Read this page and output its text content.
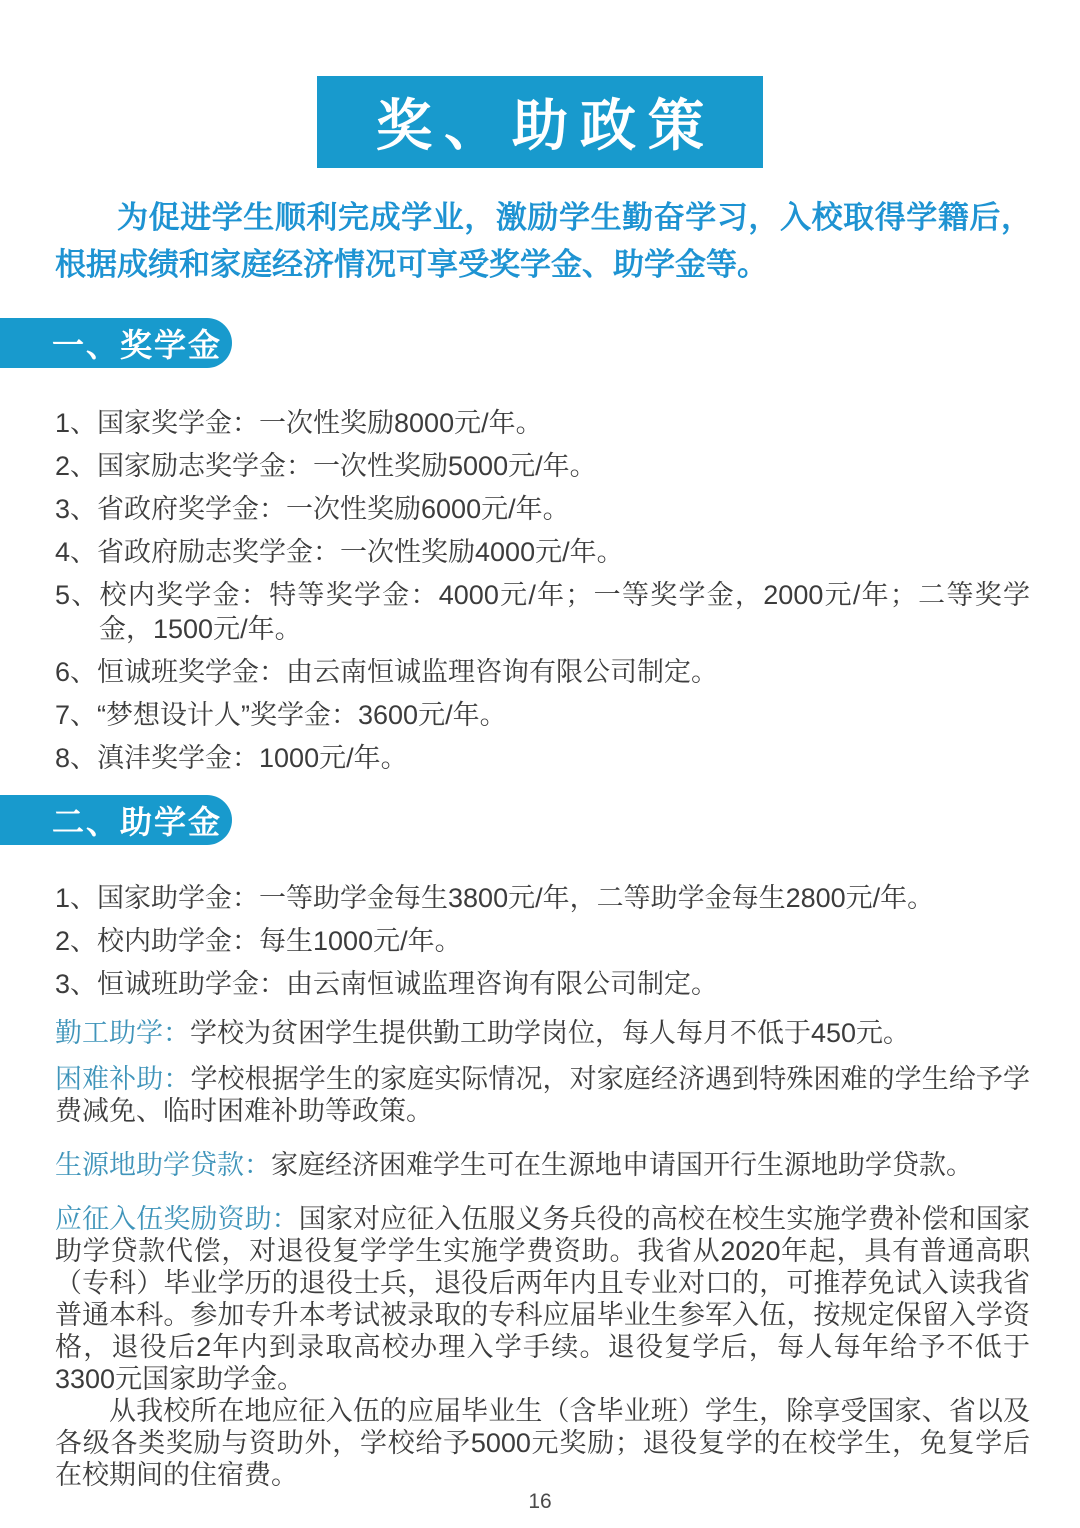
奖、助政策

为促进学生顺利完成学业，激励学生勤奋学习，入校取得学籍后，根据成绩和家庭经济情况可享受奖学金、助学金等。

一、奖学金
1、国家奖学金：一次性奖励8000元/年。
2、国家励志奖学金：一次性奖励5000元/年。
3、省政府奖学金：一次性奖励6000元/年。
4、省政府励志奖学金：一次性奖励4000元/年。
5、校内奖学金：特等奖学金：4000元/年；一等奖学金，2000元/年；二等奖学金，1500元/年。
6、恒诚班奖学金：由云南恒诚监理咨询有限公司制定。
7、“梦想设计人”奖学金：3600元/年。
8、滇沣奖学金：1000元/年。
二、助学金
1、国家助学金：一等助学金每生3800元/年，二等助学金每生2800元/年。
2、校内助学金：每生1000元/年。
3、恒诚班助学金：由云南恒诚监理咨询有限公司制定。

勤工助学：学校为贫困学生提供勤工助学岗位，每人每月不低于450元。

困难补助：学校根据学生的家庭实际情况，对家庭经济遇到特殊困难的学生给予学费减免、临时困难补助等政策。

生源地助学贷款：家庭经济困难学生可在生源地申请国开行生源地助学贷款。

应征入伍奖励资助：国家对应征入伍服义务兵役的高校在校生实施学费补偿和国家助学贷款代偿，对退役复学学生实施学费资助。我省从2020年起，具有普通高职（专科）毕业学历的退役士兵，退役后两年内且专业对口的，可推荐免试入读我省普通本科。参加专升本考试被录取的专科应届毕业生参军入伍，按规定保留入学资格，退役后2年内到录取高校办理入学手续。退役复学后，每人每年给予不低于3300元国家助学金。

从我校所在地应征入伍的应届毕业生（含毕业班）学生，除享受国家、省以及各级各类奖励与资助外，学校给予5000元奖励；退役复学的在校学生，免复学后在校期间的住宿费。

16
